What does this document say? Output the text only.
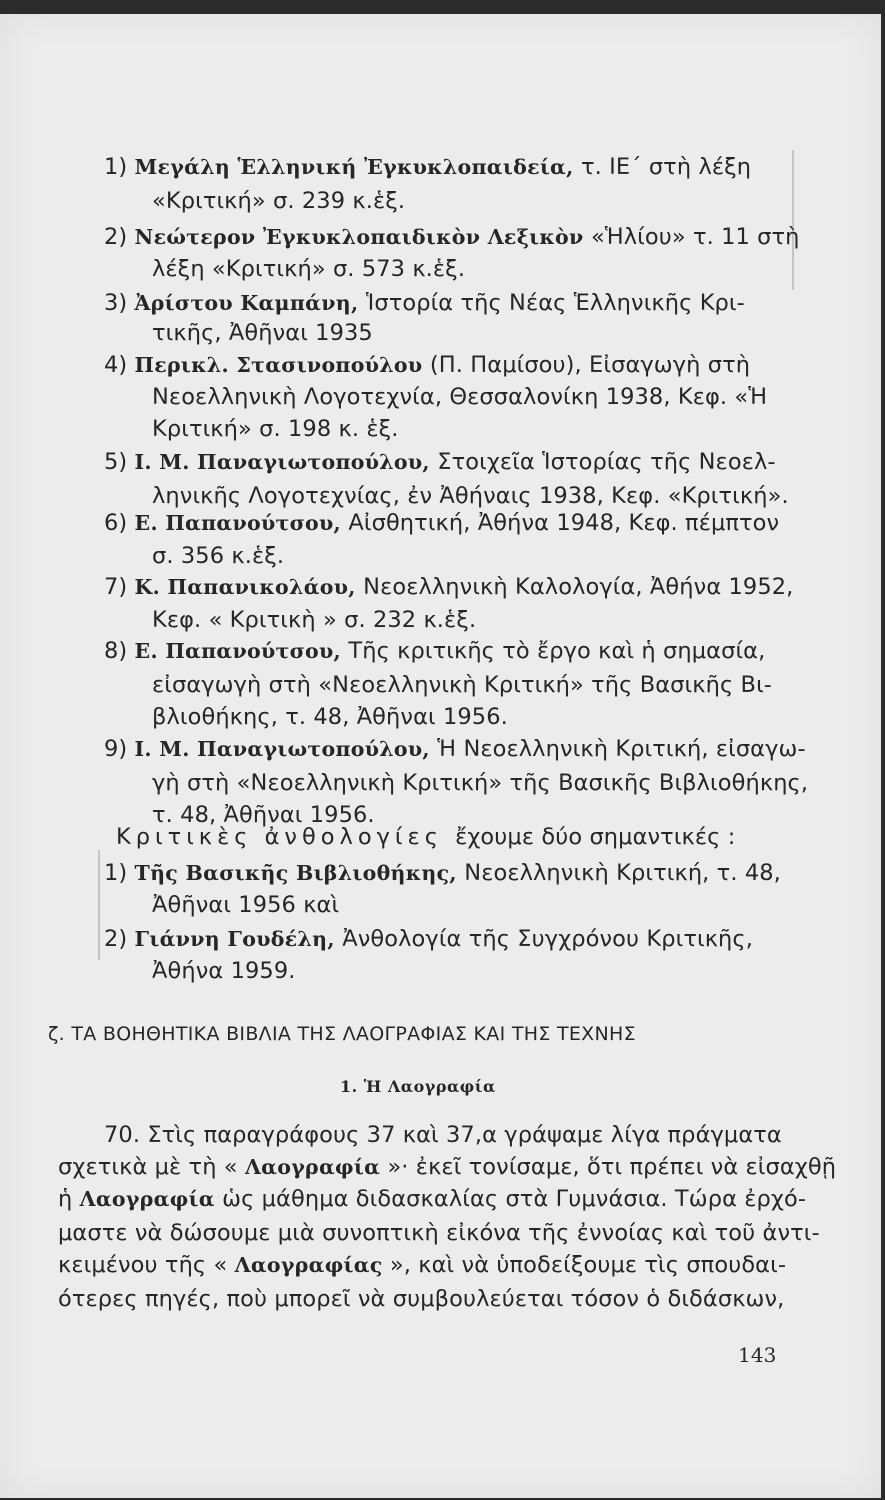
1) Μεγάλη Ἑλληνική Ἐγκυκλοπαιδεία, τ. ΙΕ΄ στὴ λέξη
«Κριτική» σ. 239 κ.ἑξ.
2) Νεώτερον Ἐγκυκλοπαιδικὸν Λεξικὸν «Ἡλίου» τ. 11 στὴ
λέξη «Κριτική» σ. 573 κ.ἑξ.
3) Ἀρίστου Καμπάνη, Ἱστορία τῆς Νέας Ἑλληνικῆς Κρι-
τικῆς, Ἀθῆναι 1935
4) Περικλ. Στασινοπούλου (Π. Παμίσου), Εἰσαγωγὴ στὴ
Νεοελληνικὴ Λογοτεχνία, Θεσσαλονίκη 1938, Κεφ. «Ἡ
Κριτική» σ. 198 κ. ἑξ.
5) Ι. Μ. Παναγιωτοπούλου, Στοιχεῖα Ἱστορίας τῆς Νεοελ-
ληνικῆς Λογοτεχνίας, ἐν Ἀθήναις 1938, Κεφ. «Κριτική».
6) Ε. Παπανούτσου, Αἰσθητική, Ἀθήνα 1948, Κεφ. πέμπτον
σ. 356 κ.ἑξ.
7) Κ. Παπανικολάου, Νεοελληνικὴ Καλολογία, Ἀθήνα 1952,
Κεφ. « Κριτικὴ » σ. 232 κ.ἑξ.
8) Ε. Παπανούτσου, Τῆς κριτικῆς τὸ ἔργο καὶ ἡ σημασία,
εἰσαγωγὴ στὴ «Νεοελληνικὴ Κριτική» τῆς Βασικῆς Βι-
βλιοθήκης, τ. 48, Ἀθῆναι 1956.
9) Ι. Μ. Παναγιωτοπούλου, Ἡ Νεοελληνικὴ Κριτική, εἰσαγω-
γὴ στὴ «Νεοελληνικὴ Κριτική» τῆς Βασικῆς Βιβλιοθήκης,
τ. 48, Ἀθῆναι 1956.
Κριτικὲς ἀνθολογίες ἔχουμε δύο σημαντικές :
1) Τῆς Βασικῆς Βιβλιοθήκης, Νεοελληνικὴ Κριτική, τ. 48,
Ἀθῆναι 1956 καὶ
2) Γιάννη Γουδέλη, Ἀνθολογία τῆς Συγχρόνου Κριτικῆς,
Ἀθήνα 1959.
70. Στὶς παραγράφους 37 καὶ 37,α γράψαμε λίγα πράγματα
σχετικὰ μὲ τὴ « Λαογραφία »· ἐκεῖ τονίσαμε, ὅτι πρέπει νὰ εἰσαχθῇ
ἡ Λαογραφία ὡς μάθημα διδασκαλίας στὰ Γυμνάσια. Τώρα ἐρχό-
μαστε νὰ δώσουμε μιὰ συνοπτικὴ εἰκόνα τῆς ἐννοίας καὶ τοῦ ἀντι-
κειμένου τῆς « Λαογραφίας », καὶ νὰ ὑποδείξουμε τὶς σπουδαι-
ότερες πηγές, ποὺ μπορεῖ νὰ συμβουλεύεται τόσον ὁ διδάσκων,
ζ. ΤΑ ΒΟΗΘΗΤΙΚΑ ΒΙΒΛΙΑ ΤΗΣ ΛΑΟΓΡΑΦΙΑΣ ΚΑΙ ΤΗΣ ΤΕΧΝΗΣ
1. Ἡ Λαογραφία
143
